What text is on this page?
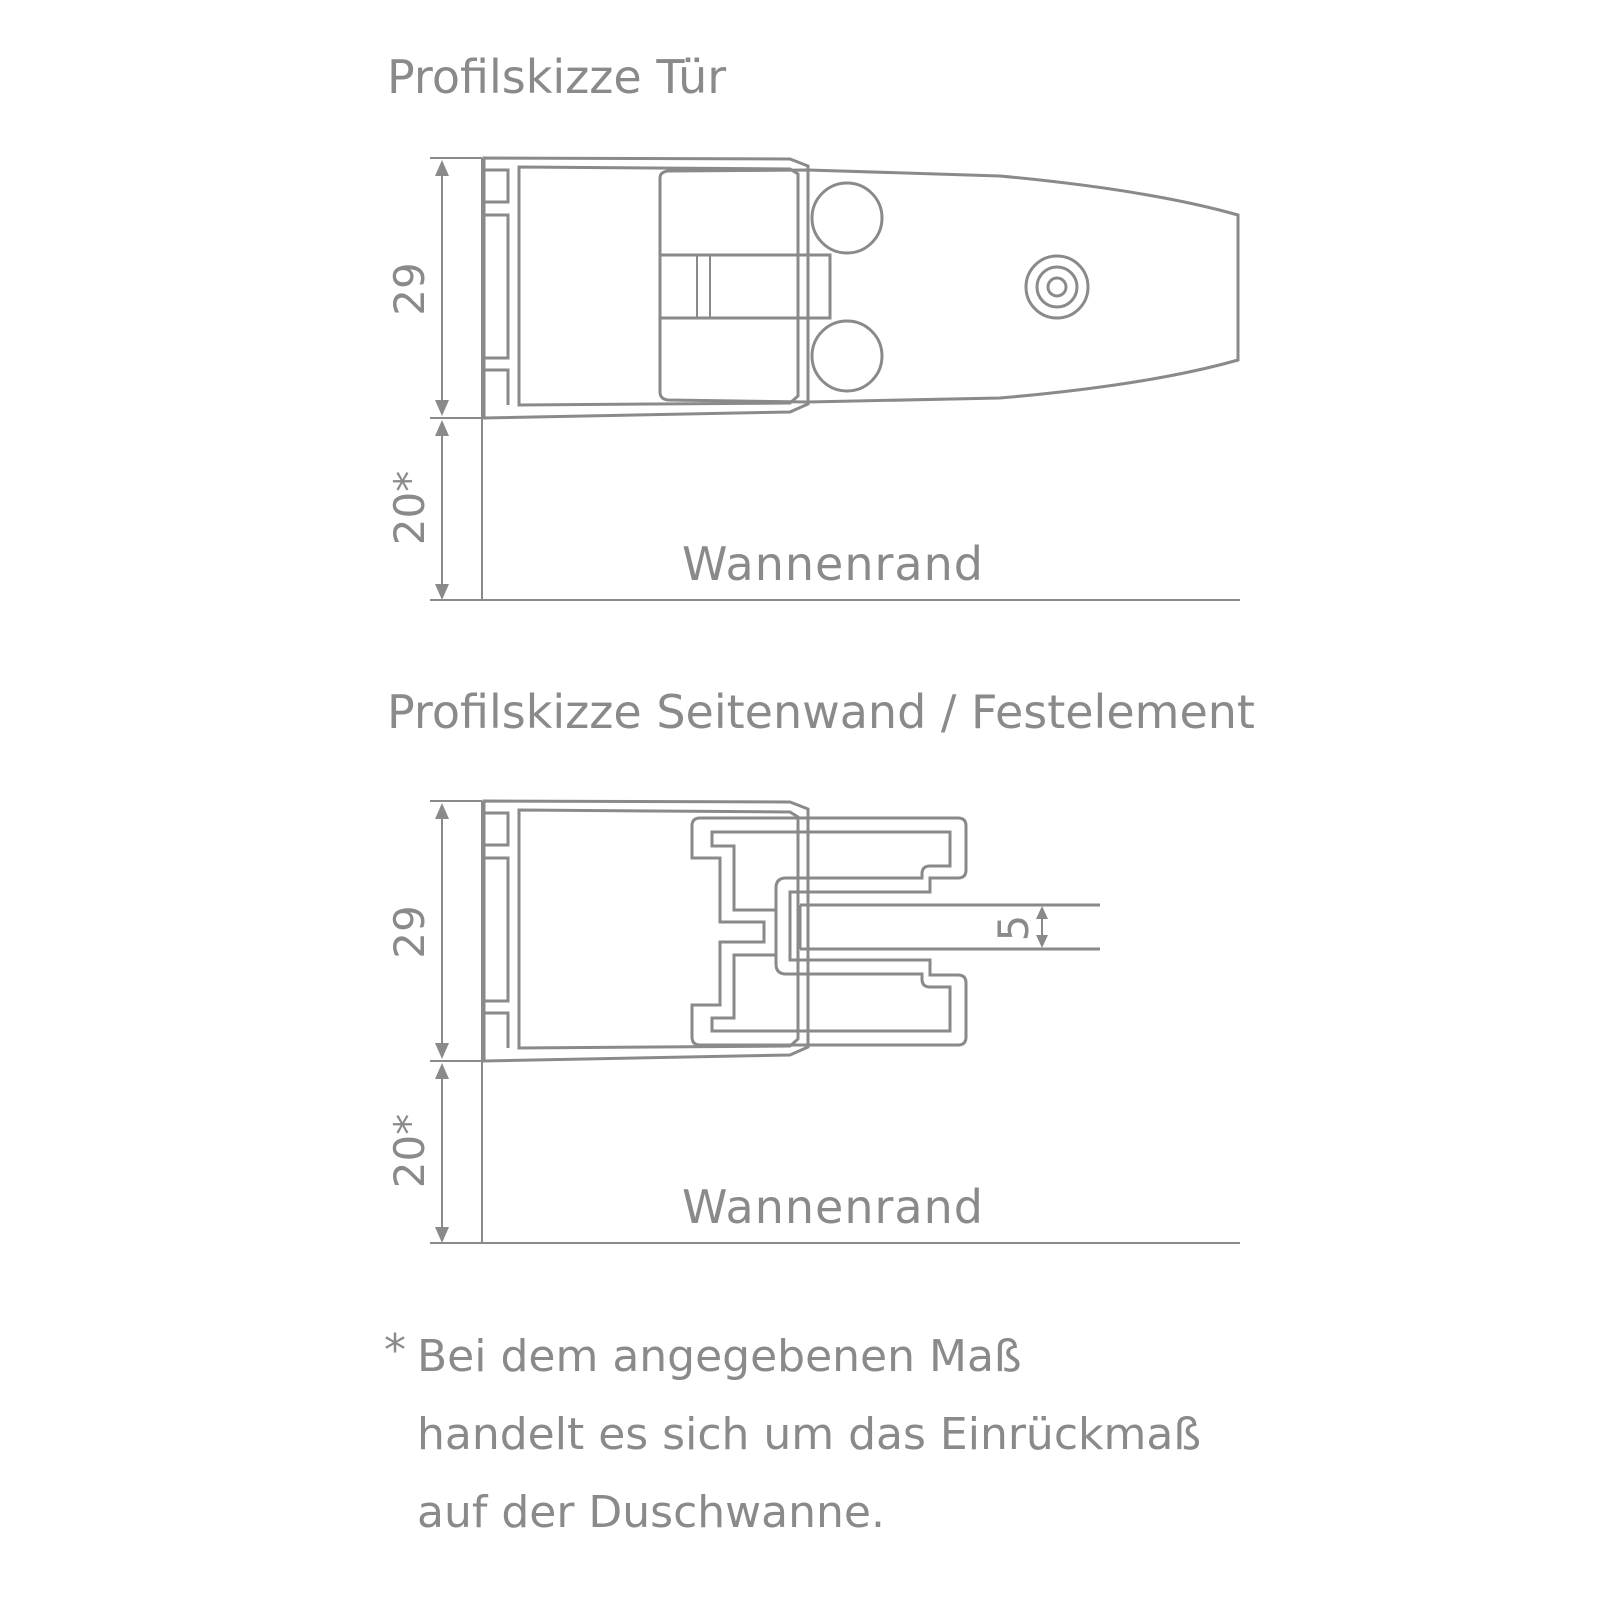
Profilskizze Tür
29
20*
Wannenrand
Profilskizze Seitenwand / Festelement
29
20*
Wannenrand
5
* Bei dem angegebenen Maß
handelt es sich um das Einrückmaß
auf der Duschwanne.
